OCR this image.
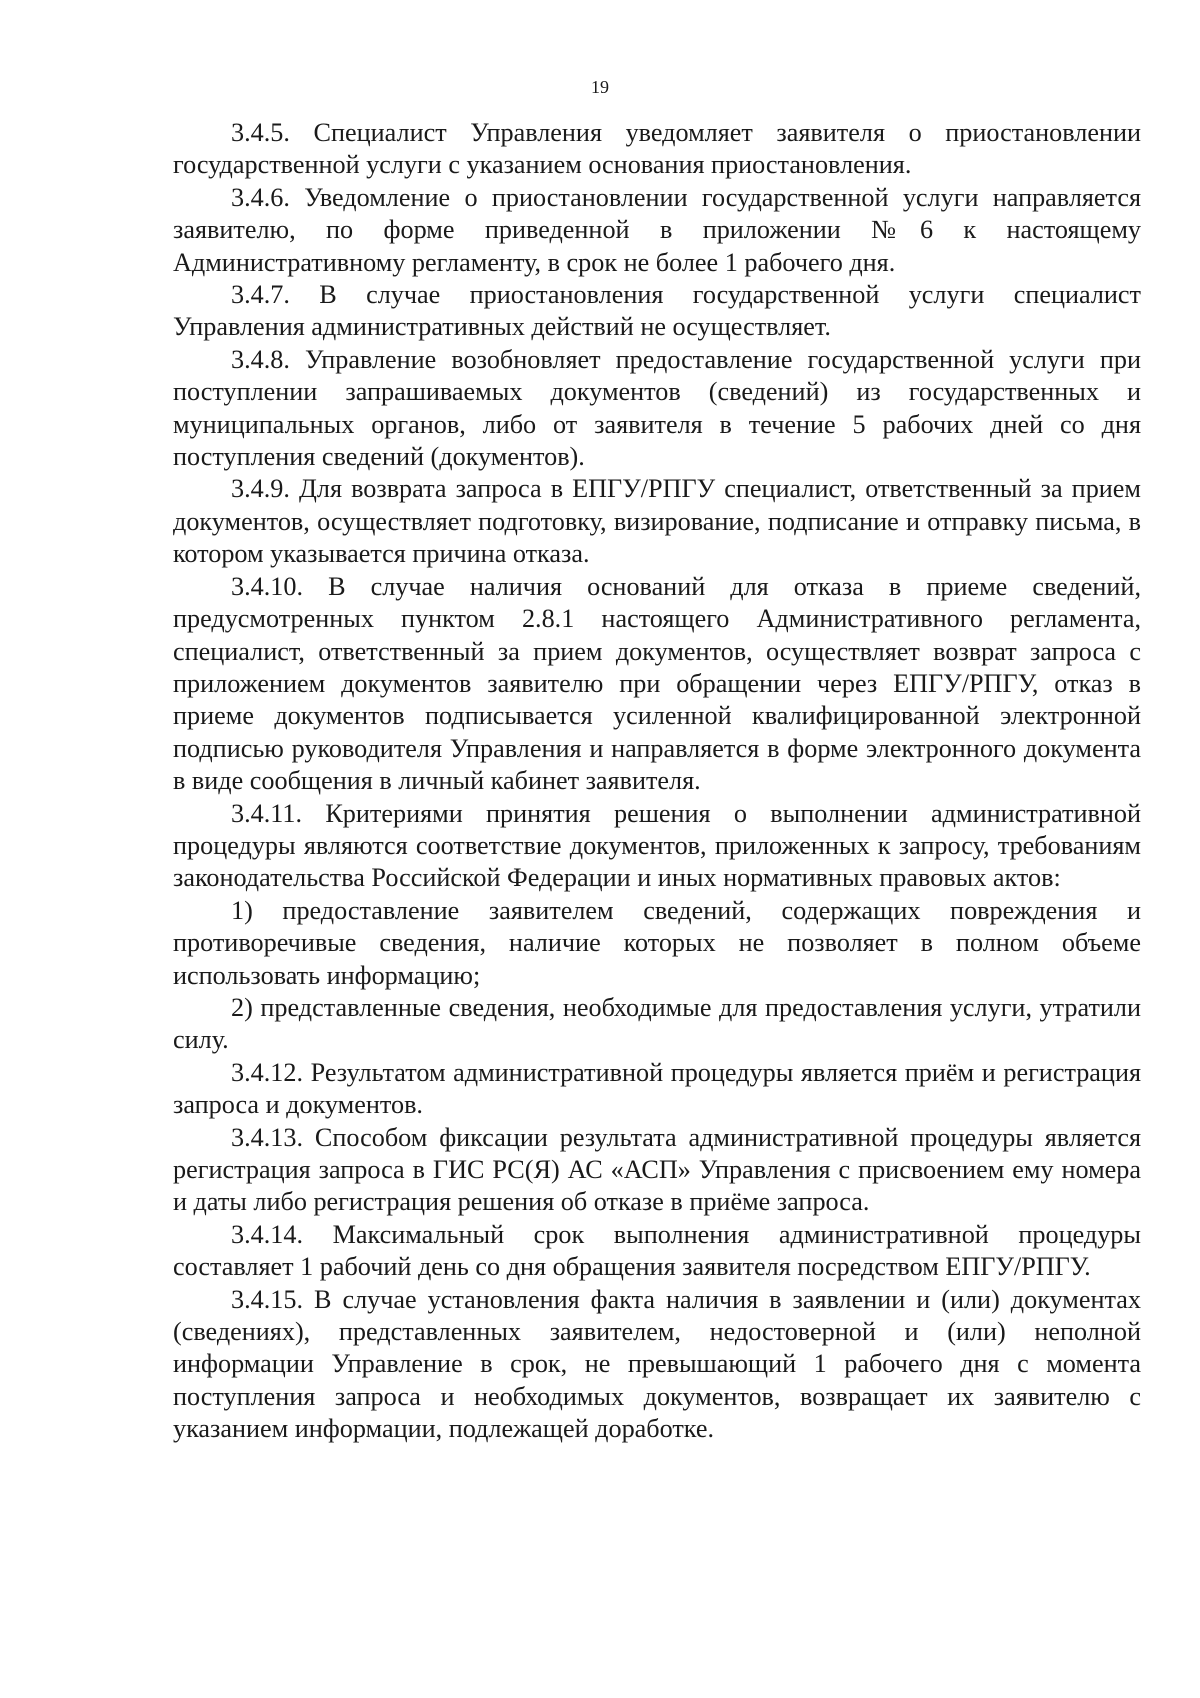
19

3.4.5. Специалист Управления уведомляет заявителя о приостановлении государственной услуги с указанием основания приостановления.

3.4.6. Уведомление о приостановлении государственной услуги направляется заявителю, по форме приведенной в приложении №6 к настоящему Административному регламенту, в срок не более 1 рабочего дня.

3.4.7. В случае приостановления государственной услуги специалист Управления административных действий не осуществляет.

3.4.8. Управление возобновляет предоставление государственной услуги при поступлении запрашиваемых документов (сведений) из государственных и муниципальных органов, либо от заявителя в течение 5 рабочих дней со дня поступления сведений (документов).

3.4.9. Для возврата запроса в ЕПГУ/РПГУ специалист, ответственный за прием документов, осуществляет подготовку, визирование, подписание и отправку письма, в котором указывается причина отказа.

3.4.10. В случае наличия оснований для отказа в приеме сведений, предусмотренных пунктом 2.8.1 настоящего Административного регламента, специалист, ответственный за прием документов, осуществляет возврат запроса с приложением документов заявителю при обращении через ЕПГУ/РПГУ, отказ в приеме документов подписывается усиленной квалифицированной электронной подписью руководителя Управления и направляется в форме электронного документа в виде сообщения в личный кабинет заявителя.

3.4.11. Критериями принятия решения о выполнении административной процедуры являются соответствие документов, приложенных к запросу, требованиям законодательства Российской Федерации и иных нормативных правовых актов:

1) предоставление заявителем сведений, содержащих повреждения и противоречивые сведения, наличие которых не позволяет в полном объеме использовать информацию;

2) представленные сведения, необходимые для предоставления услуги, утратили силу.

3.4.12. Результатом административной процедуры является приём и регистрация запроса и документов.

3.4.13. Способом фиксации результата административной процедуры является регистрация запроса в ГИС РС(Я) АС «АСП» Управления с присвоением ему номера и даты либо регистрация решения об отказе в приёме запроса.

3.4.14. Максимальный срок выполнения административной процедуры составляет 1 рабочий день со дня обращения заявителя посредством ЕПГУ/РПГУ.

3.4.15. В случае установления факта наличия в заявлении и (или) документах (сведениях), представленных заявителем, недостоверной и (или) неполной информации Управление в срок, не превышающий 1 рабочего дня с момента поступления запроса и необходимых документов, возвращает их заявителю с указанием информации, подлежащей доработке.
